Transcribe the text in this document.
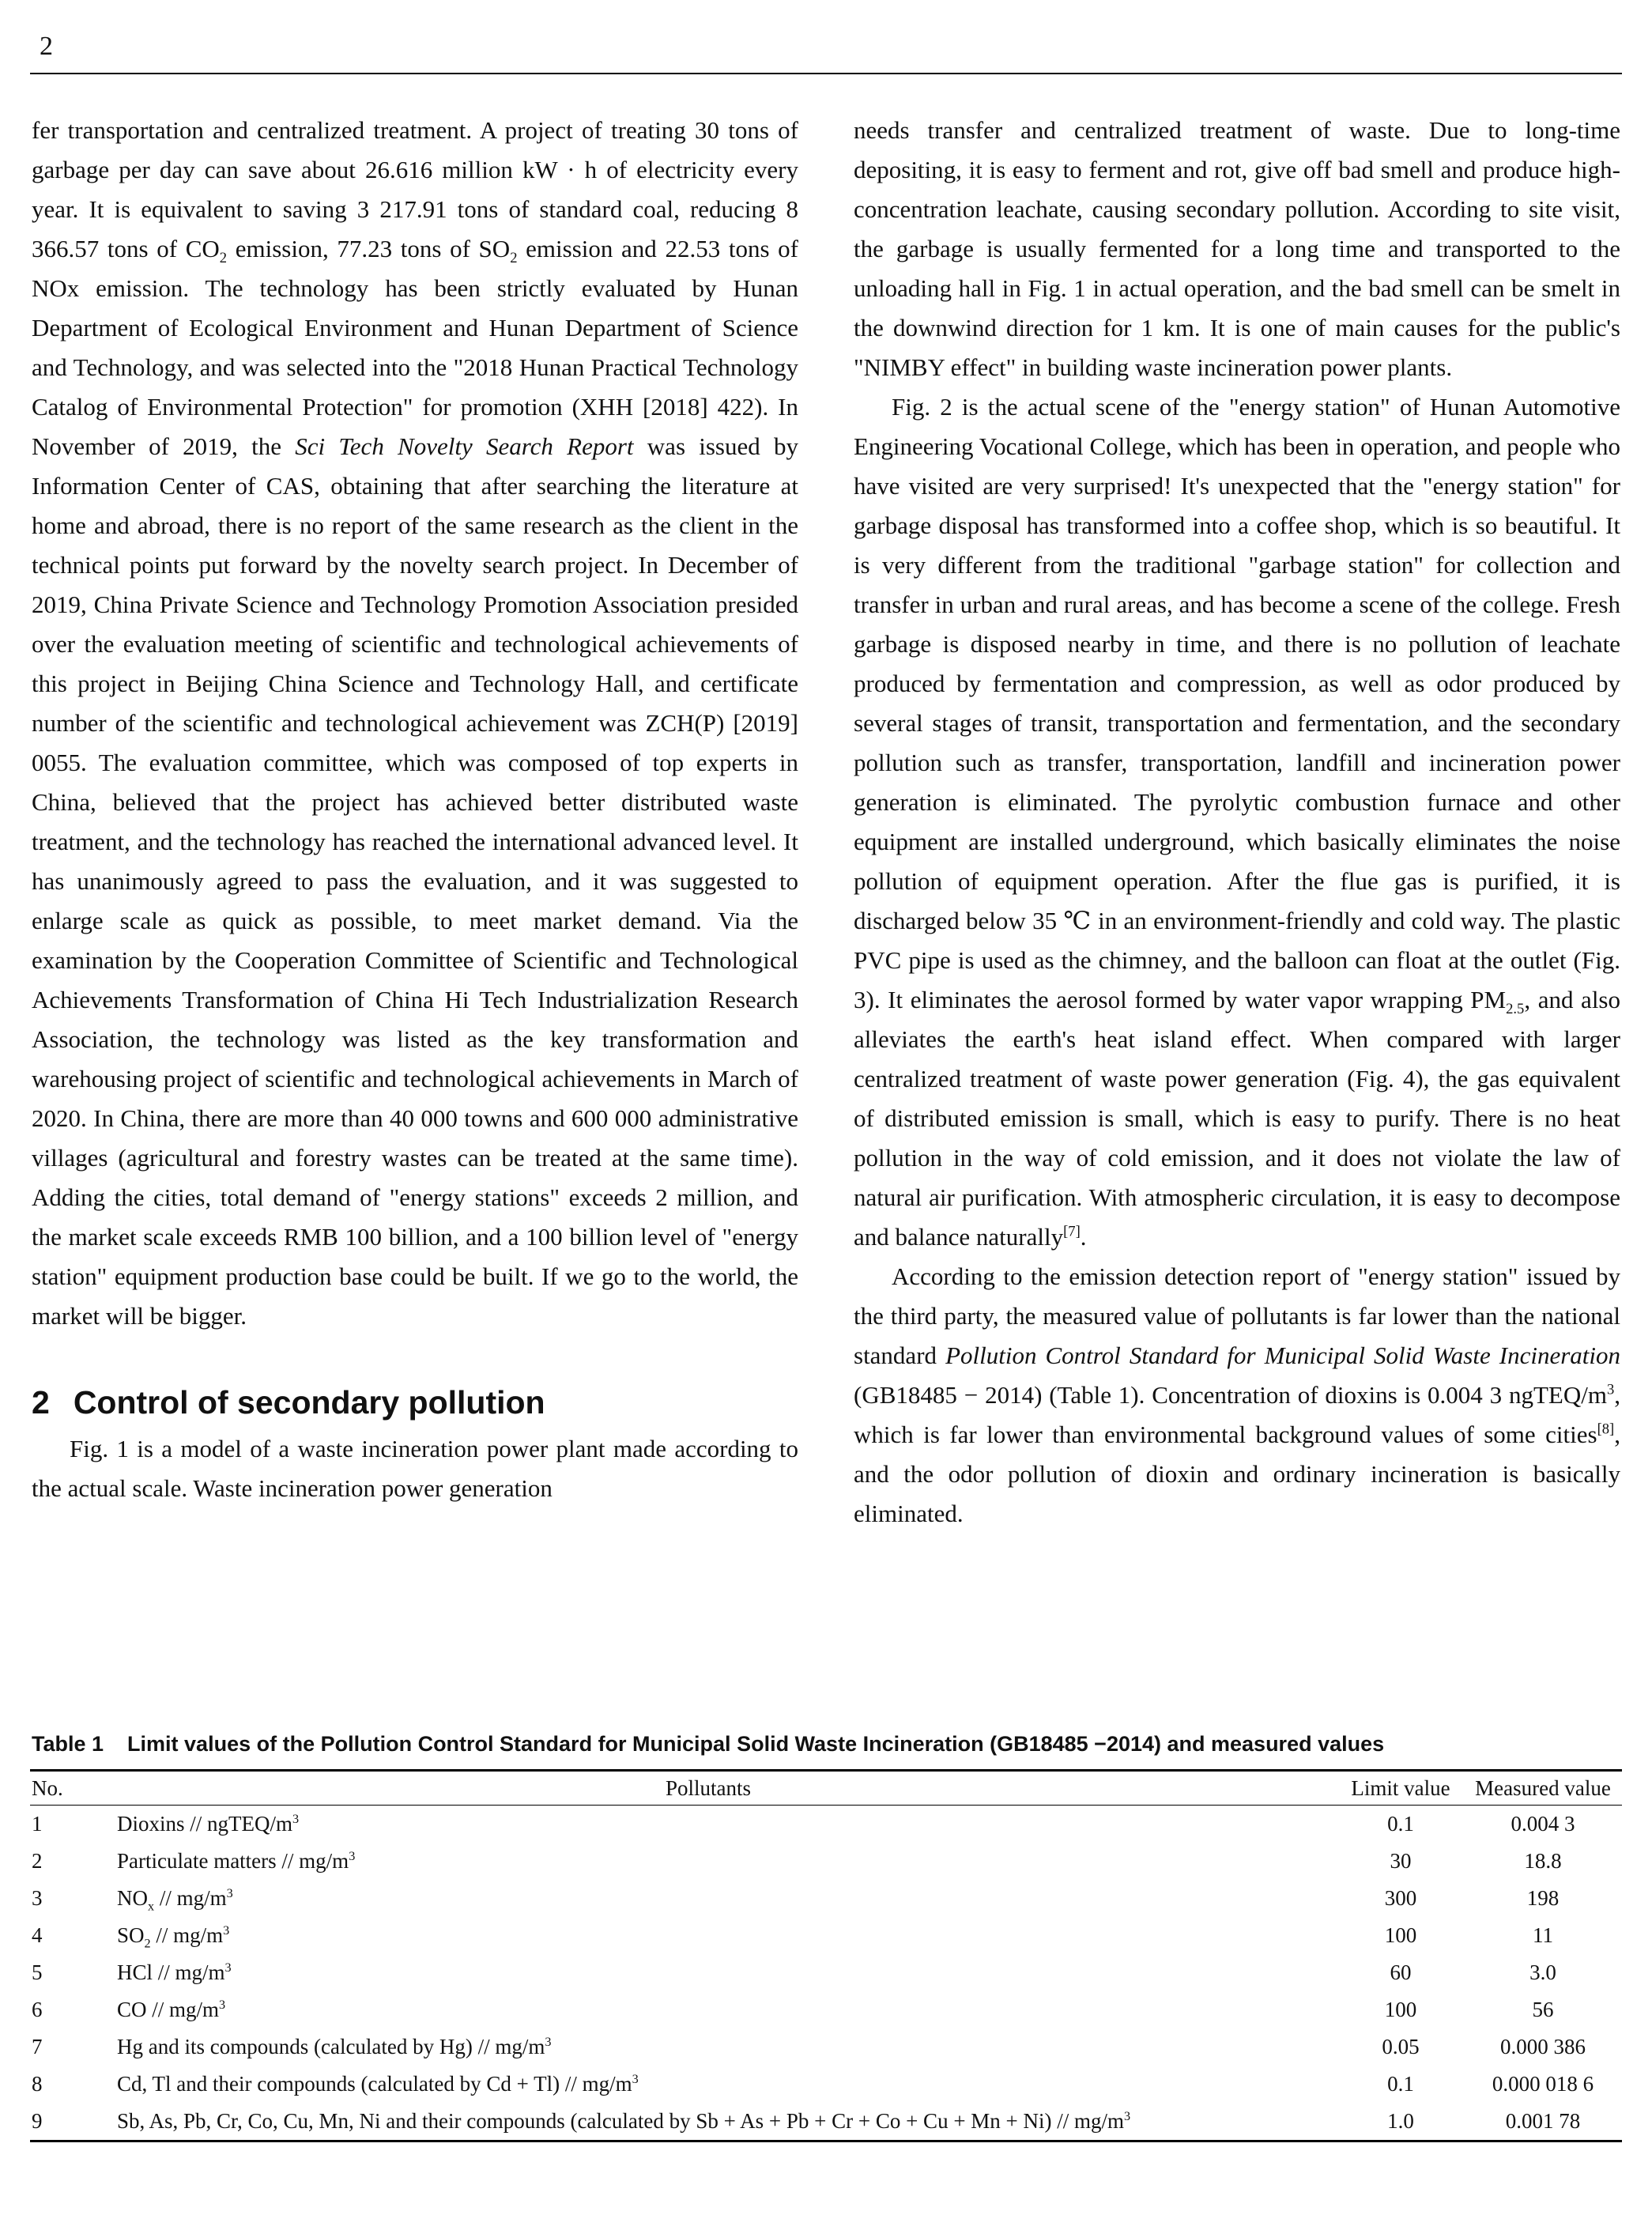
2

fer transportation and centralized treatment. A project of treating 30 tons of garbage per day can save about 26.616 million kW · h of electricity every year. It is equivalent to saving 3 217.91 tons of standard coal, reducing 8 366.57 tons of $CO_2$ emission, 77.23 tons of $SO_2$ emission and 22.53 tons of NOx emission. The technology has been strictly evaluated by Hunan Department of Ecological Environment and Hunan Department of Science and Technology, and was selected into the "2018 Hunan Practical Technology Catalog of Environmental Protection" for promotion (XHH [2018] 422). In November of 2019, the Sci Tech Novelty Search Report was issued by Information Center of CAS, obtaining that after searching the literature at home and abroad, there is no report of the same research as the client in the technical points put forward by the novelty search project. In December of 2019, China Private Science and Technology Promotion Association presided over the evaluation meeting of scientific and technological achievements of this project in Beijing China Science and Technology Hall, and certificate number of the scientific and technological achievement was ZCH(P) [2019] 0055. The evaluation committee, which was composed of top experts in China, believed that the project has achieved better distributed waste treatment, and the technology has reached the international advanced level. It has unanimously agreed to pass the evaluation, and it was suggested to enlarge scale as quick as possible, to meet market demand. Via the examination by the Cooperation Committee of Scientific and Technological Achievements Transformation of China Hi Tech Industrialization Research Association, the technology was listed as the key transformation and warehousing project of scientific and technological achievements in March of 2020. In China, there are more than 40 000 towns and 600 000 administrative villages (agricultural and forestry wastes can be treated at the same time). Adding the cities, total demand of "energy stations" exceeds 2 million, and the market scale exceeds RMB 100 billion, and a 100 billion level of "energy station" equipment production base could be built. If we go to the world, the market will be bigger.

2 Control of secondary pollution

Fig. 1 is a model of a waste incineration power plant made according to the actual scale. Waste incineration power generation

needs transfer and centralized treatment of waste. Due to long-time depositing, it is easy to ferment and rot, give off bad smell and produce high-concentration leachate, causing secondary pollution. According to site visit, the garbage is usually fermented for a long time and transported to the unloading hall in Fig. 1 in actual operation, and the bad smell can be smelt in the downwind direction for 1 km. It is one of main causes for the public's "NIMBY effect" in building waste incineration power plants.

Fig. 2 is the actual scene of the "energy station" of Hunan Automotive Engineering Vocational College, which has been in operation, and people who have visited are very surprised! It's unexpected that the "energy station" for garbage disposal has transformed into a coffee shop, which is so beautiful. It is very different from the traditional "garbage station" for collection and transfer in urban and rural areas, and has become a scene of the college. Fresh garbage is disposed nearby in time, and there is no pollution of leachate produced by fermentation and compression, as well as odor produced by several stages of transit, transportation and fermentation, and the secondary pollution such as transfer, transportation, landfill and incineration power generation is eliminated. The pyrolytic combustion furnace and other equipment are installed underground, which basically eliminates the noise pollution of equipment operation. After the flue gas is purified, it is discharged below 35 ℃ in an environment-friendly and cold way. The plastic PVC pipe is used as the chimney, and the balloon can float at the outlet (Fig. 3). It eliminates the aerosol formed by water vapor wrapping $PM_{2.5}$, and also alleviates the earth's heat island effect. When compared with larger centralized treatment of waste power generation (Fig. 4), the gas equivalent of distributed emission is small, which is easy to purify. There is no heat pollution in the way of cold emission, and it does not violate the law of natural air purification. With atmospheric circulation, it is easy to decompose and balance naturally[7].

According to the emission detection report of "energy station" issued by the third party, the measured value of pollutants is far lower than the national standard Pollution Control Standard for Municipal Solid Waste Incineration (GB18485 − 2014) (Table 1). Concentration of dioxins is 0.004 3 ngTEQ/$m^3$, which is far lower than environmental background values of some cities[8], and the odor pollution of dioxin and ordinary incineration is basically eliminated.

Table 1 Limit values of the Pollution Control Standard for Municipal Solid Waste Incineration (GB18485 −2014) and measured values
No.	Pollutants	Limit value	Measured value
1	Dioxins // ngTEQ/$m^3$	0.1	0.004 3
2	Particulate matters // $mg/m^3$	30	18.8
3	$NO_x // mg/m^3$	300	198
4	$SO_2 // mg/m^3$	100	11
5	HCl // $mg/m^3$	60	3.0
6	CO // $mg/m^3$	100	56
7	Hg and its compounds (calculated by $Hg) // mg/m^3$	0.05	0.000 386
8	Cd, Tl and their compounds (calculated by $Cd + Tl) // mg/m^3$	0.1	0.000 018 6
9	Sb, As, Pb, Cr, Co, Cu, Mn, Ni and their compounds (calculated by $Sb + As + Pb + Cr + Co + Cu + Mn + Ni) // mg/m^3$	1.0	0.001 78
